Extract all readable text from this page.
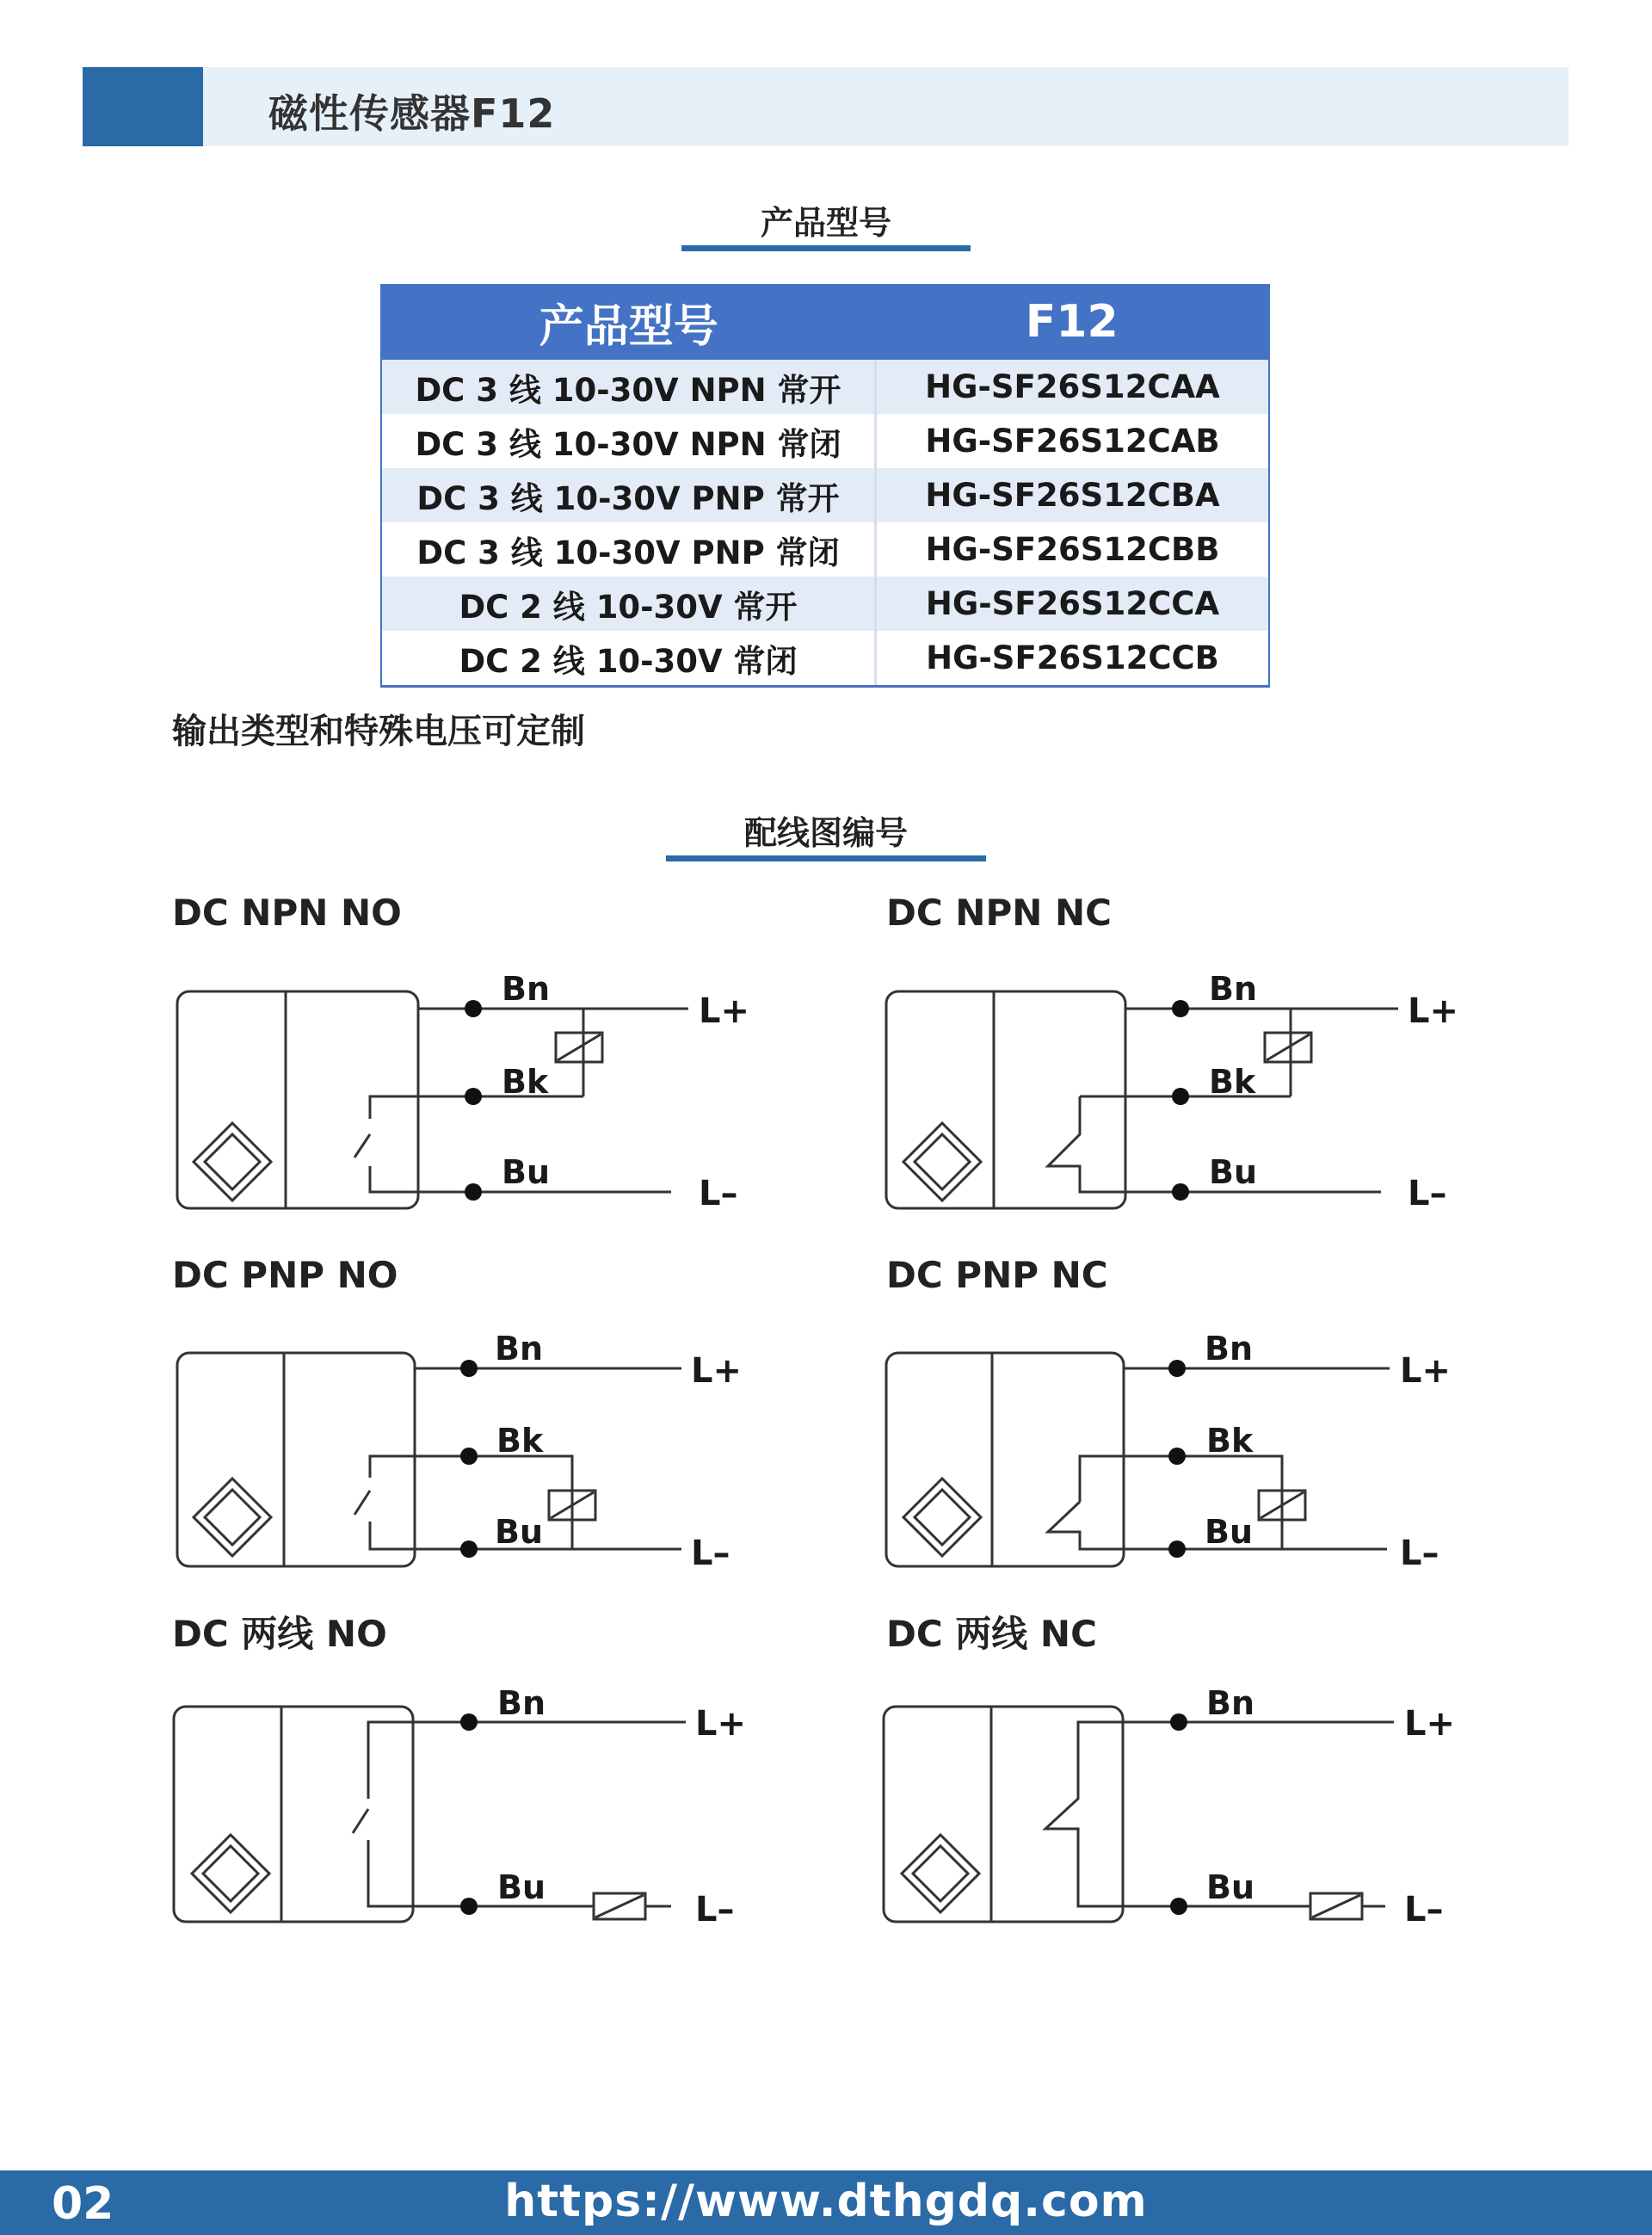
磁性传感器F12
产品型号
产品型号	F12
DC 3 线 10-30V NPN 常开	HG-SF26S12CAA
DC 3 线 10-30V NPN 常闭	HG-SF26S12CAB
DC 3 线 10-30V PNP 常开	HG-SF26S12CBA
DC 3 线 10-30V PNP 常闭	HG-SF26S12CBB
DC 2 线 10-30V 常开	HG-SF26S12CCA
DC 2 线 10-30V 常闭	HG-SF26S12CCB
输出类型和特殊电压可定制
配线图编号
DC NPN NO	DC NPN NC
DC PNP NO	DC PNP NC
DC 两线 NO	DC 两线 NC
Bn
Bk
Bu
L+
L–
Bn
Bk
Bu
L+
L–
Bn
Bk
Bu
L+
L–
Bn
Bk
Bu
L+
L–
Bn
Bu
L+
L–
Bn
Bu
L+
L–
02	https://www.dthgdq.com
